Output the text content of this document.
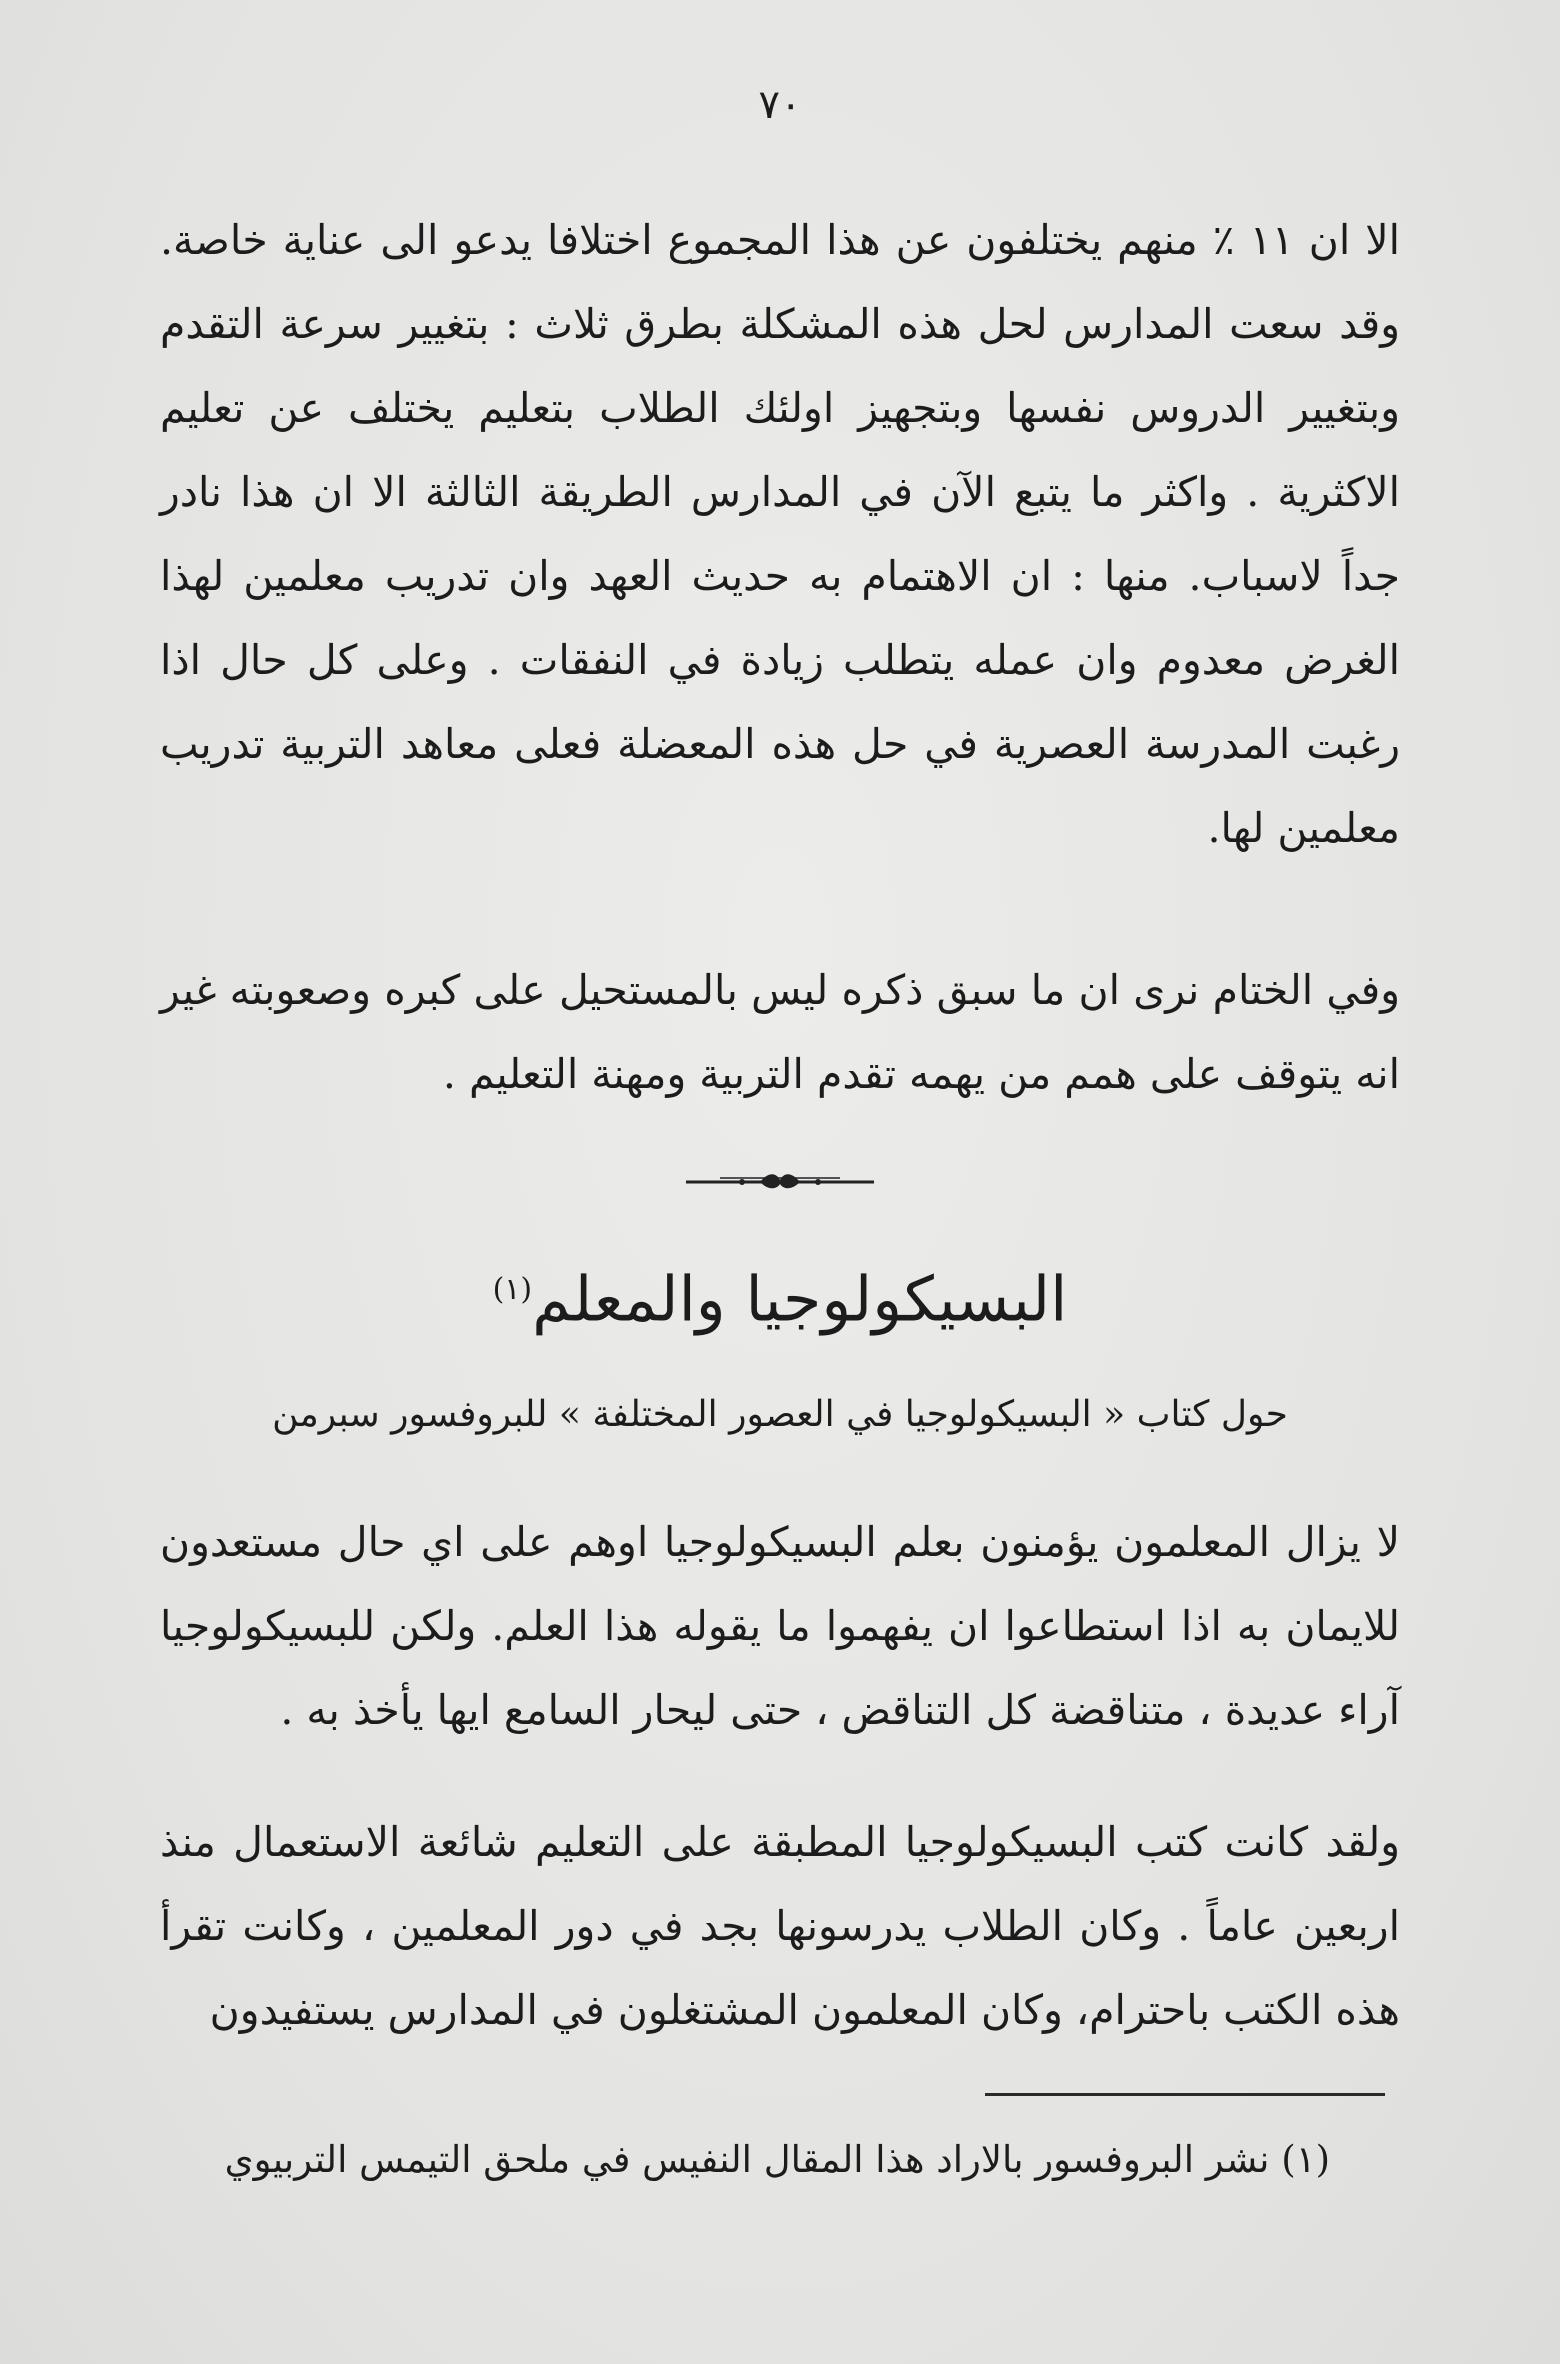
٧٠

الا ان ١١ ٪ منهم يختلفون عن هذا المجموع اختلافا يدعو الى عناية خاصة. وقد سعت المدارس لحل هذه المشكلة بطرق ثلاث : بتغيير سرعة التقدم وبتغيير الدروس نفسها وبتجهيز اولئك الطلاب بتعليم يختلف عن تعليم الاكثرية . واكثر ما يتبع الآن في المدارس الطريقة الثالثة الا ان هذا نادر جداً لاسباب. منها : ان الاهتمام به حديث العهد وان تدريب معلمين لهذا الغرض معدوم وان عمله يتطلب زيادة في النفقات . وعلى كل حال اذا رغبت المدرسة العصرية في حل هذه المعضلة فعلى معاهد التربية تدريب معلمين لها.

وفي الختام نرى ان ما سبق ذكره ليس بالمستحيل على كبره وصعوبته غير انه يتوقف على همم من يهمه تقدم التربية ومهنة التعليم .

البسيكولوجيا والمعلم$^{(١)}$
حول كتاب « البسيكولوجيا في العصور المختلفة » للبروفسور سبرمن

لا يزال المعلمون يؤمنون بعلم البسيكولوجيا اوهم على اي حال مستعدون للايمان به اذا استطاعوا ان يفهموا ما يقوله هذا العلم. ولكن للبسيكولوجيا آراء عديدة ، متناقضة كل التناقض ، حتى ليحار السامع ايها يأخذ به .

ولقد كانت كتب البسيكولوجيا المطبقة على التعليم شائعة الاستعمال منذ اربعين عاماً . وكان الطلاب يدرسونها بجد في دور المعلمين ، وكانت تقرأ هذه الكتب باحترام، وكان المعلمون المشتغلون في المدارس يستفيدون

(١) نشر البروفسور بالاراد هذا المقال النفيس في ملحق التيمس التربيوي
